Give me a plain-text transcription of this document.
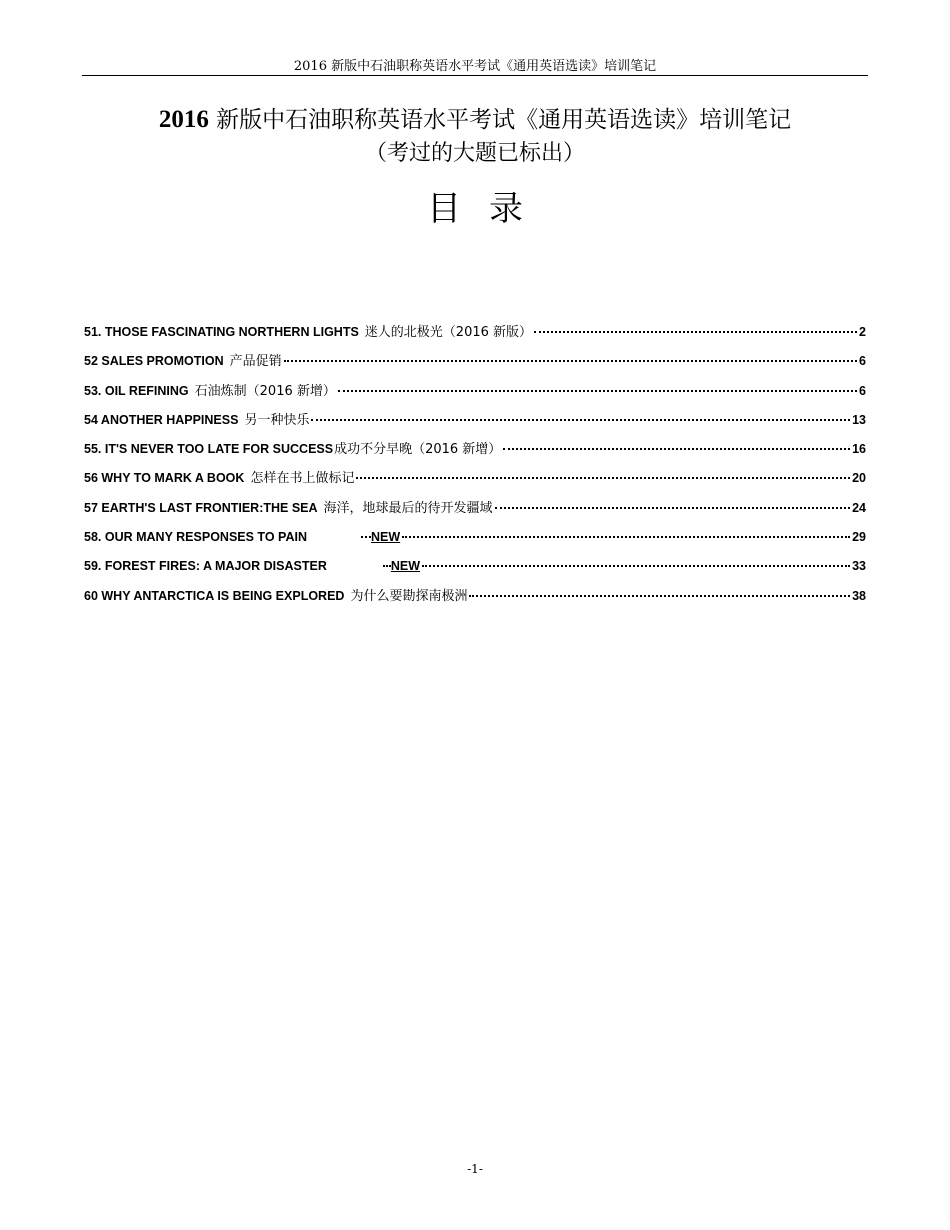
2016 新版中石油职称英语水平考试《通用英语选读》培训笔记
2016 新版中石油职称英语水平考试《通用英语选读》培训笔记
（考过的大题已标出）
目录
51. THOSE FASCINATING NORTHERN LIGHTS 迷人的北极光（2016 新版）	2
52 SALES PROMOTION 产品促销	6
53. OIL REFINING 石油炼制（2016 新增）	6
54 ANOTHER HAPPINESS 另一种快乐	13
55. IT'S NEVER TOO LATE FOR SUCCESS 成功不分早晚（2016 新增）	16
56 WHY TO MARK A BOOK 怎样在书上做标记	20
57 EARTH'S LAST FRONTIER:THE SEA 海洋，地球最后的待开发疆域	24
58. OUR MANY RESPONSES TO PAIN	NEW	29
59. FOREST FIRES: A MAJOR DISASTER	NEW	33
60 WHY ANTARCTICA IS BEING EXPLORED 为什么要勘探南极洲	38
-1-
